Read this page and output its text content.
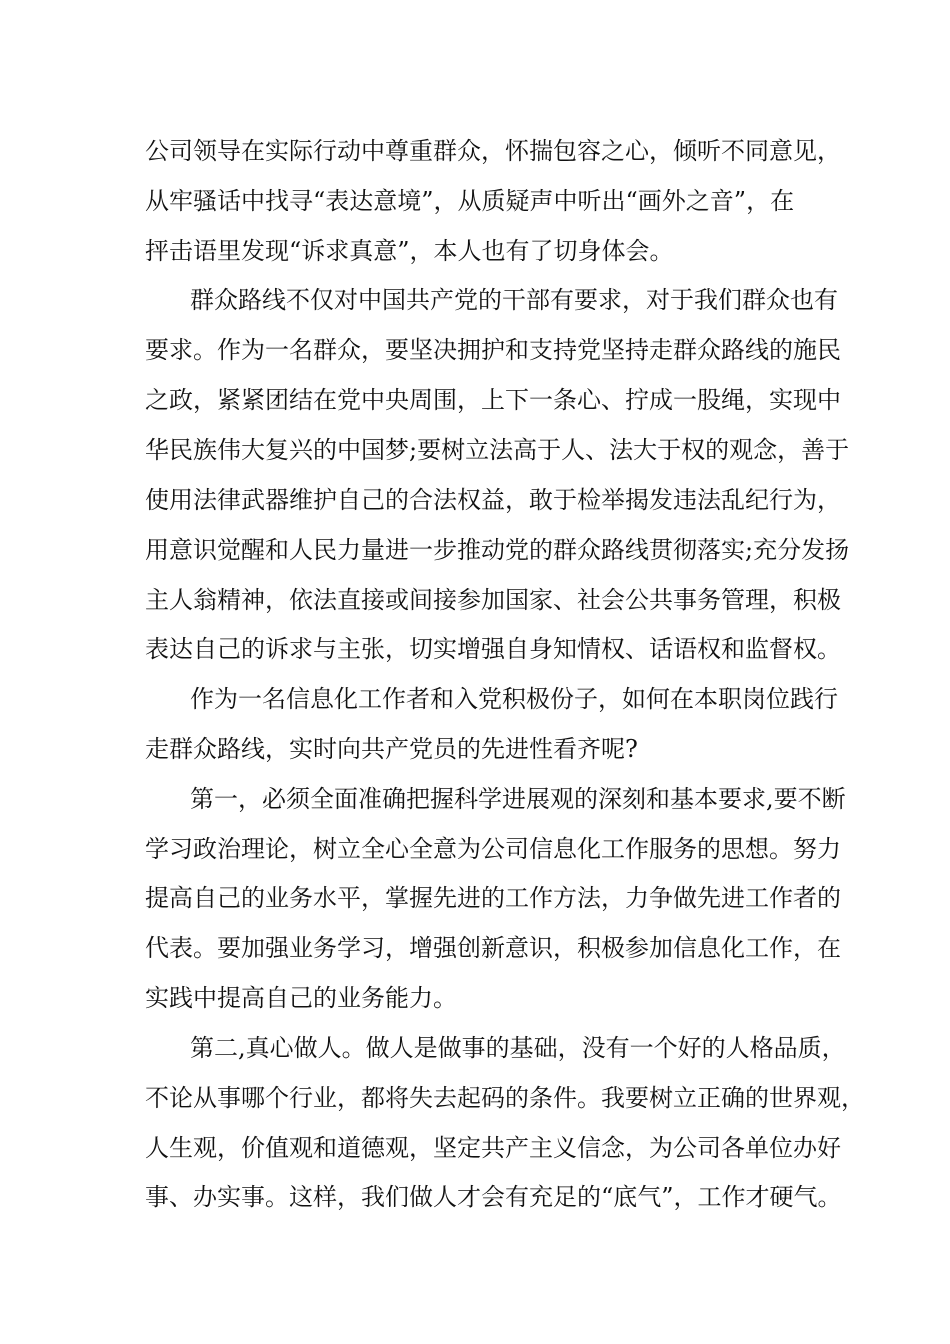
公司领导在实际行动中尊重群众，怀揣包容之心，倾听不同意见，
从牢骚话中找寻“表达意境”，从质疑声中听出“画外之音”，在
抨击语里发现“诉求真意”，本人也有了切身体会。
群众路线不仅对中国共产党的干部有要求，对于我们群众也有
要求。作为一名群众，要坚决拥护和支持党坚持走群众路线的施民
之政，紧紧团结在党中央周围，上下一条心、拧成一股绳，实现中
华民族伟大复兴的中国梦;要树立法高于人、法大于权的观念，善于
使用法律武器维护自己的合法权益，敢于检举揭发违法乱纪行为，
用意识觉醒和人民力量进一步推动党的群众路线贯彻落实;充分发扬
主人翁精神，依法直接或间接参加国家、社会公共事务管理，积极
表达自己的诉求与主张，切实增强自身知情权、话语权和监督权。
作为一名信息化工作者和入党积极份子，如何在本职岗位践行
走群众路线，实时向共产党员的先进性看齐呢?
第一，必须全面准确把握科学进展观的深刻和基本要求,要不断
学习政治理论，树立全心全意为公司信息化工作服务的思想。努力
提高自己的业务水平，掌握先进的工作方法，力争做先进工作者的
代表。要加强业务学习，增强创新意识，积极参加信息化工作，在
实践中提高自己的业务能力。
第二,真心做人。做人是做事的基础，没有一个好的人格品质，
不论从事哪个行业，都将失去起码的条件。我要树立正确的世界观，
人生观，价值观和道德观，坚定共产主义信念，为公司各单位办好
事、办实事。这样，我们做人才会有充足的“底气”，工作才硬气。
